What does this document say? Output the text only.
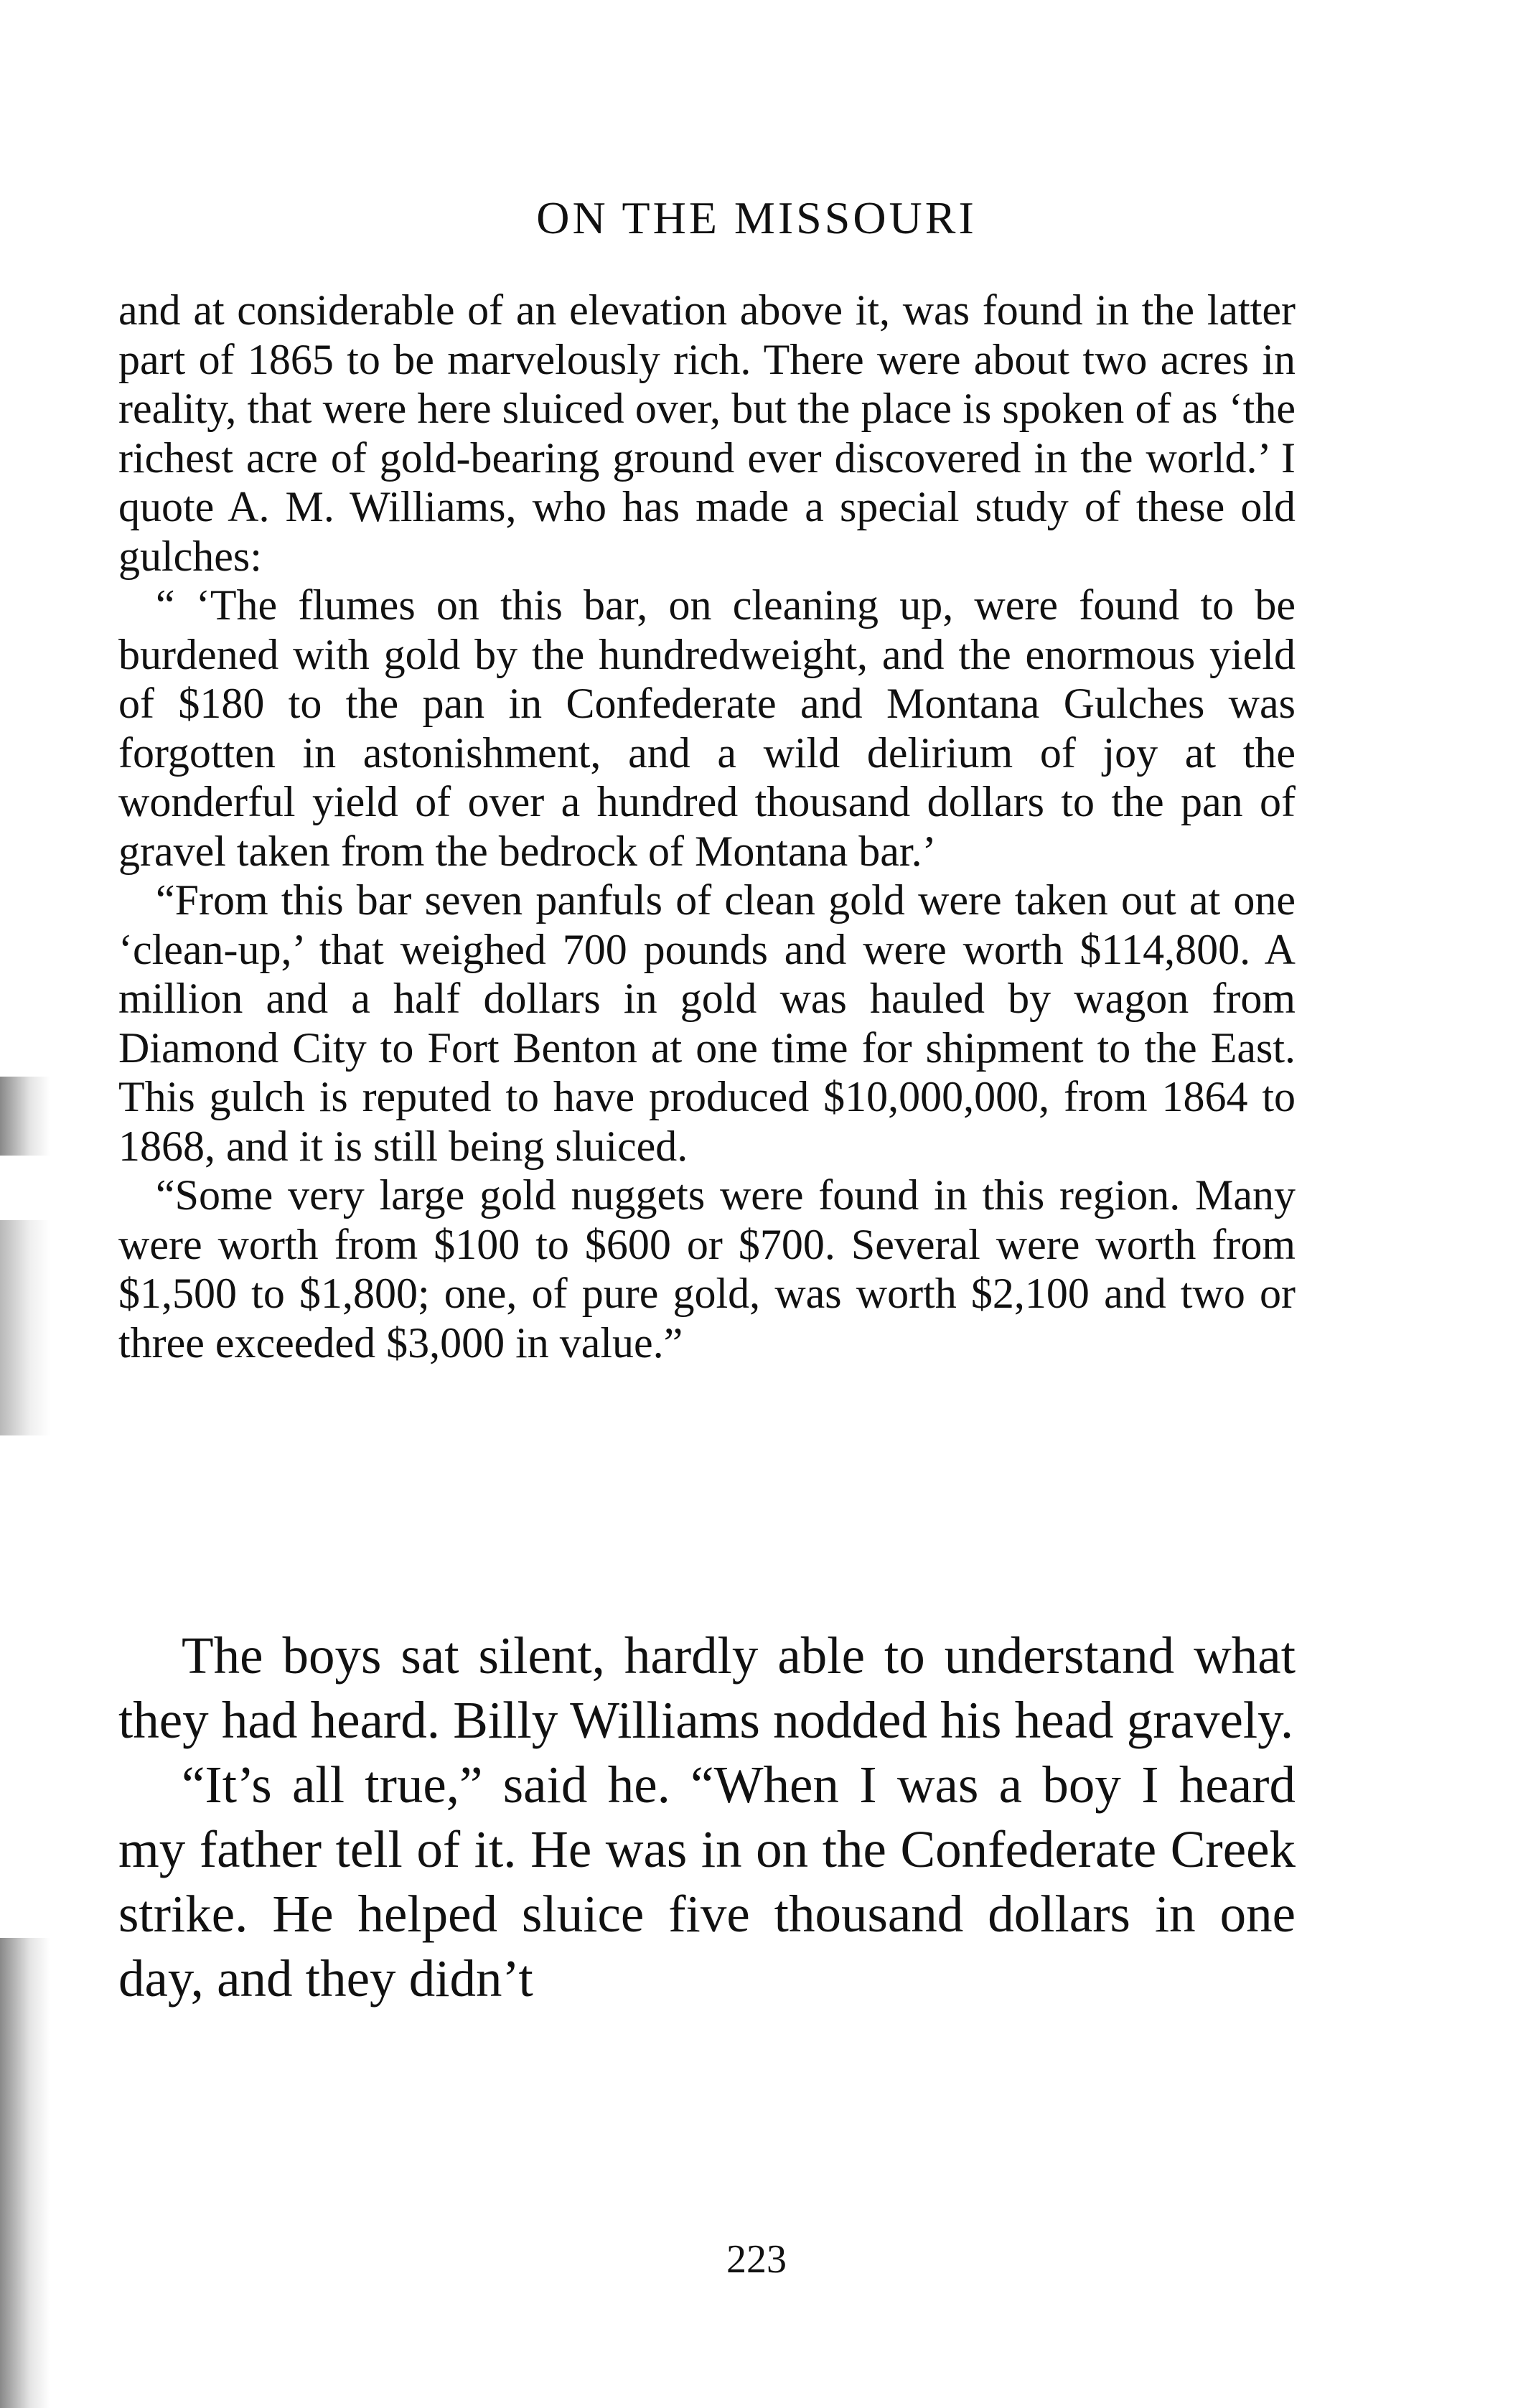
ON THE MISSOURI

and at considerable of an elevation above it, was found in the latter part of 1865 to be marvelously rich. There were about two acres in reality, that were here sluiced over, but the place is spoken of as ‘the richest acre of gold-bearing ground ever discovered in the world.’ I quote A. M. Williams, who has made a special study of these old gulches:

“ ‘The flumes on this bar, on cleaning up, were found to be burdened with gold by the hundredweight, and the enormous yield of $180 to the pan in Confederate and Montana Gulches was forgotten in astonishment, and a wild delirium of joy at the wonderful yield of over a hundred thousand dollars to the pan of gravel taken from the bedrock of Montana bar.’

“From this bar seven panfuls of clean gold were taken out at one ‘clean-up,’ that weighed 700 pounds and were worth $114,800. A million and a half dollars in gold was hauled by wagon from Diamond City to Fort Benton at one time for shipment to the East. This gulch is reputed to have produced $10,000,000, from 1864 to 1868, and it is still being sluiced.

“Some very large gold nuggets were found in this region. Many were worth from $100 to $600 or $700. Several were worth from $1,500 to $1,800; one, of pure gold, was worth $2,100 and two or three exceeded $3,000 in value.”

The boys sat silent, hardly able to understand what they had heard. Billy Williams nodded his head gravely.

“It’s all true,” said he. “When I was a boy I heard my father tell of it. He was in on the Confederate Creek strike. He helped sluice five thousand dollars in one day, and they didn’t

223
